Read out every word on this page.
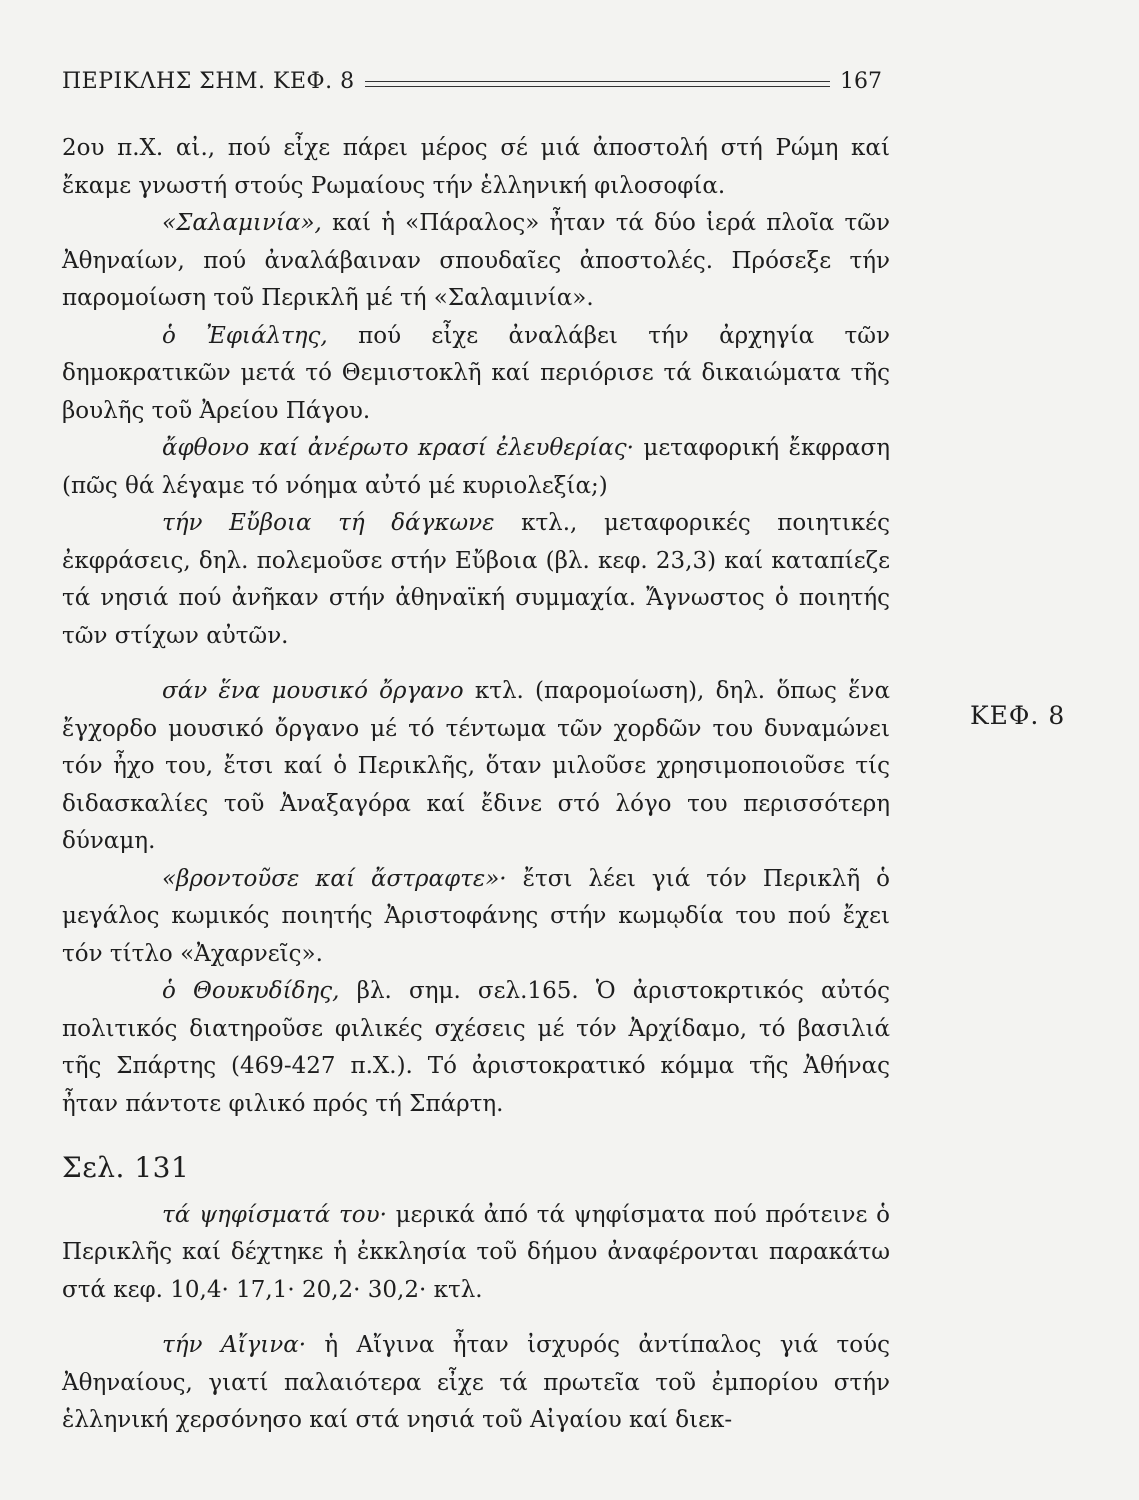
ΠΕΡΙΚΛΗΣ ΣΗΜ. ΚΕΦ. 8	167
ΚΕΦ. 8

2ου π.Χ. αἰ., πού εἶχε πάρει μέρος σέ μιά ἀποστολή στή Ρώμη καί ἔκαμε γνωστή στούς Ρωμαίους τήν ἑλληνική φιλοσοφία.

«Σαλαμινία», καί ἡ «Πάραλος» ἦταν τά δύο ἱερά πλοῖα τῶν Ἀθηναίων, πού ἀναλάβαιναν σπουδαῖες ἀποστολές. Πρόσεξε τήν παρομοίωση τοῦ Περικλῆ μέ τή «Σαλαμινία».

ὁ Ἐφιάλτης, πού εἶχε ἀναλάβει τήν ἀρχηγία τῶν δημοκρατικῶν μετά τό Θεμιστοκλῆ καί περιόρισε τά δικαιώματα τῆς βουλῆς τοῦ Ἀρείου Πάγου.

ἄφθονο καί ἀνέρωτο κρασί ἐλευθερίας· μεταφορική ἔκφραση (πῶς θά λέγαμε τό νόημα αὐτό μέ κυριολεξία;)

τήν Εὔβοια τή δάγκωνε κτλ., μεταφορικές ποιητικές ἐκφράσεις, δηλ. πολεμοῦσε στήν Εὔβοια (βλ. κεφ. 23,3) καί καταπίεζε τά νησιά πού ἀνῆκαν στήν ἀθηναϊκή συμμαχία. Ἄγνωστος ὁ ποιητής τῶν στίχων αὐτῶν.

σάν ἕνα μουσικό ὄργανο κτλ. (παρομοίωση), δηλ. ὅπως ἕνα ἔγχορδο μουσικό ὄργανο μέ τό τέντωμα τῶν χορδῶν του δυναμώνει τόν ἦχο του, ἔτσι καί ὁ Περικλῆς, ὅταν μιλοῦσε χρησιμοποιοῦσε τίς διδασκαλίες τοῦ Ἀναξαγόρα καί ἔδινε στό λόγο του περισσότερη δύναμη.

«βροντοῦσε καί ἄστραφτε»· ἔτσι λέει γιά τόν Περικλῆ ὁ μεγάλος κωμικός ποιητής Ἀριστοφάνης στήν κωμῳδία του πού ἔχει τόν τίτλο «Ἀχαρνεῖς».

ὁ Θουκυδίδης, βλ. σημ. σελ.165. Ὁ ἀριστοκρτικός αὐτός πολιτικός διατηροῦσε φιλικές σχέσεις μέ τόν Ἀρχίδαμο, τό βασιλιά τῆς Σπάρτης (469-427 π.Χ.). Τό ἀριστοκρατικό κόμμα τῆς Ἀθήνας ἦταν πάντοτε φιλικό πρός τή Σπάρτη.

Σελ. 131

τά ψηφίσματά του· μερικά ἀπό τά ψηφίσματα πού πρότεινε ὁ Περικλῆς καί δέχτηκε ἡ ἐκκλησία τοῦ δήμου ἀναφέρονται παρακάτω στά κεφ. 10,4· 17,1· 20,2· 30,2· κτλ.

τήν Αἴγινα· ἡ Αἴγινα ἦταν ἰσχυρός ἀντίπαλος γιά τούς Ἀθηναίους, γιατί παλαιότερα εἶχε τά πρωτεῖα τοῦ ἐμπορίου στήν ἑλληνική χερσόνησο καί στά νησιά τοῦ Αἰγαίου καί διεκ-
